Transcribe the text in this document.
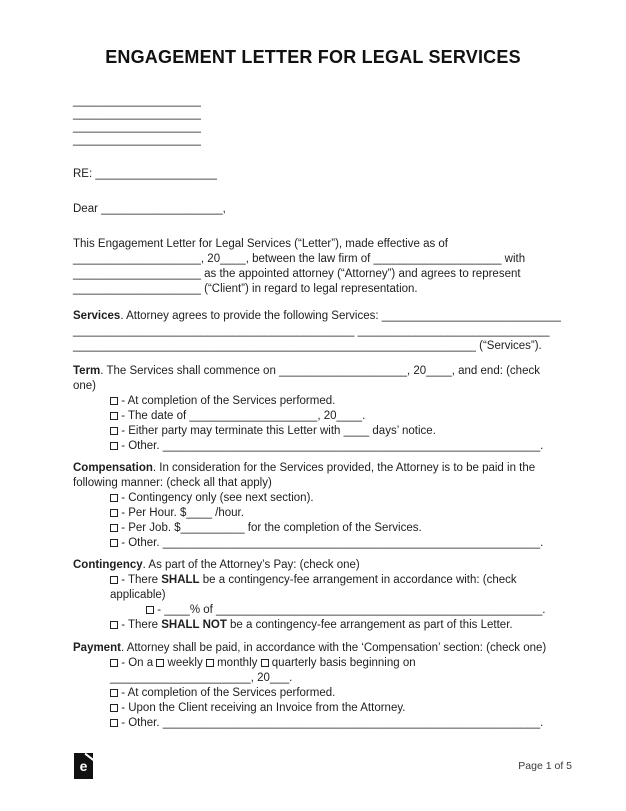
ENGAGEMENT LETTER FOR LEGAL SERVICES
____________________
____________________
____________________
____________________
RE: ___________________
Dear ___________________,
This Engagement Letter for Legal Services (“Letter”), made effective as of
____________________, 20____, between the law firm of ____________________ with
____________________ as the appointed attorney (“Attorney”) and agrees to represent
____________________ (“Client”) in regard to legal representation.
Services. Attorney agrees to provide the following Services: ____________________________
____________________________________________ ______________________________
_______________________________________________________________ (“Services”).
Term. The Services shall commence on ____________________, 20____, and end: (check
one)
- At completion of the Services performed.
- The date of ____________________, 20____.
- Either party may terminate this Letter with ____ days’ notice.
- Other. ___________________________________________________________.
Compensation. In consideration for the Services provided, the Attorney is to be paid in the
following manner: (check all that apply)
- Contingency only (see next section).
- Per Hour. $____ /hour.
- Per Job. $__________ for the completion of the Services.
- Other. ___________________________________________________________.
Contingency. As part of the Attorney’s Pay: (check one)
- There SHALL be a contingency-fee arrangement in accordance with: (check
applicable)
- ____% of ___________________________________________________.
- There SHALL NOT be a contingency-fee arrangement as part of this Letter.
Payment. Attorney shall be paid, in accordance with the ‘Compensation’ section: (check one)
- On a  weekly  monthly  quarterly basis beginning on
______________________, 20___.
- At completion of the Services performed.
- Upon the Client receiving an Invoice from the Attorney.
- Other. ___________________________________________________________.
e	Page 1 of 5
